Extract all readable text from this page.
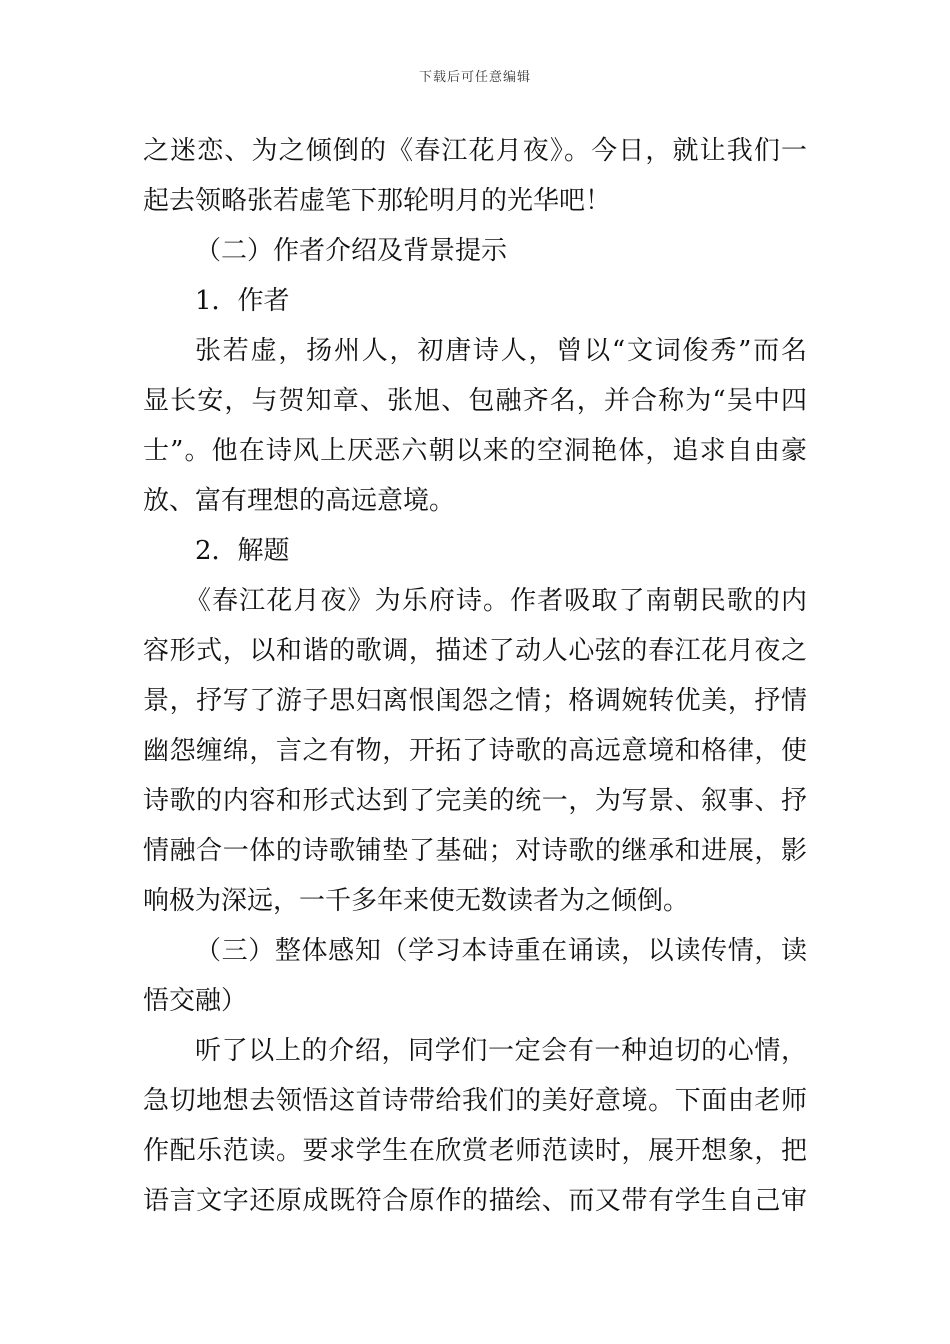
下载后可任意编辑
之迷恋、为之倾倒的《春江花月夜》。今日，就让我们一
起去领略张若虚笔下那轮明月的光华吧！
（二）作者介绍及背景提示
1．作者
张若虚，扬州人，初唐诗人，曾以“文词俊秀”而名
显长安，与贺知章、张旭、包融齐名，并合称为“吴中四
士”。他在诗风上厌恶六朝以来的空洞艳体，追求自由豪
放、富有理想的高远意境。
2．解题
《春江花月夜》为乐府诗。作者吸取了南朝民歌的内
容形式，以和谐的歌调，描述了动人心弦的春江花月夜之
景，抒写了游子思妇离恨闺怨之情；格调婉转优美，抒情
幽怨缠绵，言之有物，开拓了诗歌的高远意境和格律，使
诗歌的内容和形式达到了完美的统一，为写景、叙事、抒
情融合一体的诗歌铺垫了基础；对诗歌的继承和进展，影
响极为深远，一千多年来使无数读者为之倾倒。
（三）整体感知（学习本诗重在诵读，以读传情，读
悟交融）
听了以上的介绍，同学们一定会有一种迫切的心情，
急切地想去领悟这首诗带给我们的美好意境。下面由老师
作配乐范读。要求学生在欣赏老师范读时，展开想象，把
语言文字还原成既符合原作的描绘、而又带有学生自己审
